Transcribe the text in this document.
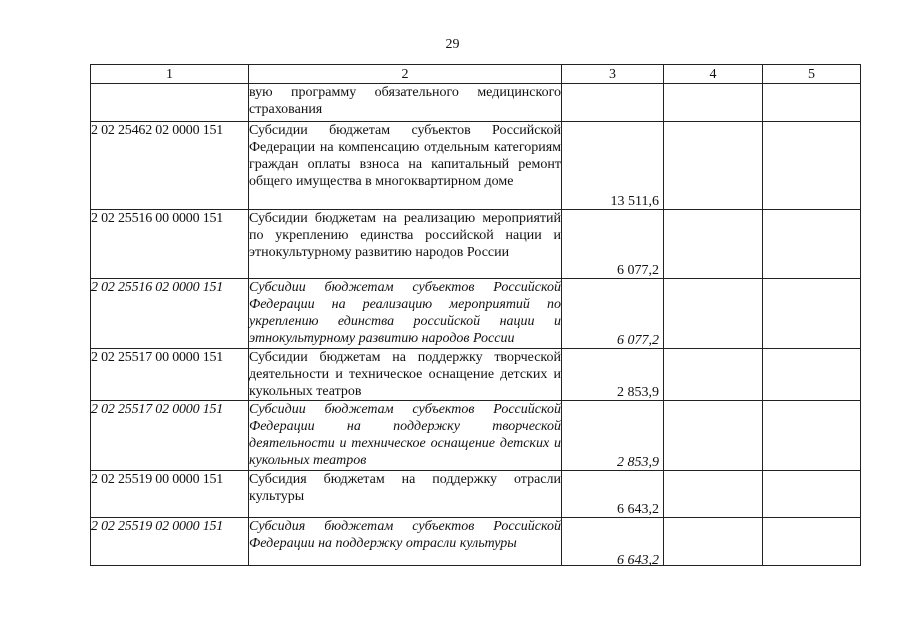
29
1	2	3	4	5
	вую программу обязательного медицинского страхования	

2 02 25462 02 0000 151	Субсидии бюджетам субъектов Российской Федерации на компенсацию отдельным категориям граждан оплаты взноса на капитальный ремонт общего имущества в многоквартирном доме	13 511,6		

2 02 25516 00 0000 151	Субсидии бюджетам на реализацию мероприятий по укреплению единства российской нации и этнокультурному развитию народов России	6 077,2		

2 02 25516 02 0000 151	Субсидии бюджетам субъектов Российской Федерации на реализацию мероприятий по укреплению единства российской нации и этнокультурному развитию народов России	6 077,2		

2 02 25517 00 0000 151	Субсидии бюджетам на поддержку творческой деятельности и техническое оснащение детских и кукольных театров	2 853,9		

2 02 25517 02 0000 151	Субсидии бюджетам субъектов Российской Федерации на поддержку творческой деятельности и техническое оснащение детских и кукольных театров	2 853,9		

2 02 25519 00 0000 151	Субсидия бюджетам на поддержку отрасли культуры	6 643,2		

2 02 25519 02 0000 151	Субсидия бюджетам субъектов Российской Федерации на поддержку отрасли культуры	6 643,2		
